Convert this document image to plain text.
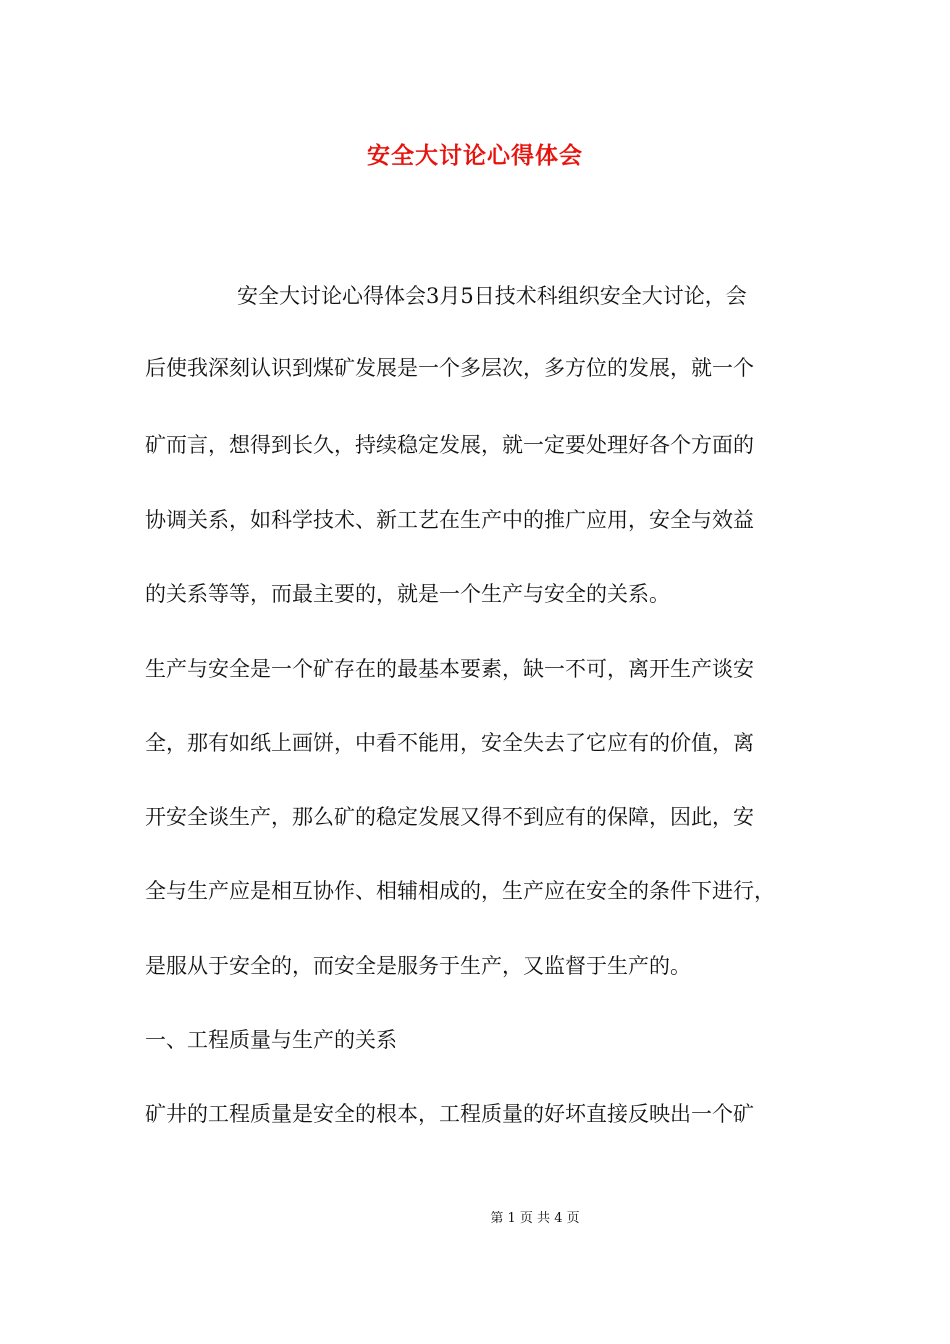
安全大讨论心得体会
安全大讨论心得体会3月5日技术科组织安全大讨论，会
后使我深刻认识到煤矿发展是一个多层次，多方位的发展，就一个
矿而言，想得到长久，持续稳定发展，就一定要处理好各个方面的
协调关系，如科学技术、新工艺在生产中的推广应用，安全与效益
的关系等等，而最主要的，就是一个生产与安全的关系。
生产与安全是一个矿存在的最基本要素，缺一不可，离开生产谈安
全，那有如纸上画饼，中看不能用，安全失去了它应有的价值，离
开安全谈生产，那么矿的稳定发展又得不到应有的保障，因此，安
全与生产应是相互协作、相辅相成的，生产应在安全的条件下进行，
是服从于安全的，而安全是服务于生产，又监督于生产的。
一、工程质量与生产的关系
矿井的工程质量是安全的根本，工程质量的好坏直接反映出一个矿
第 1 页 共 4 页
